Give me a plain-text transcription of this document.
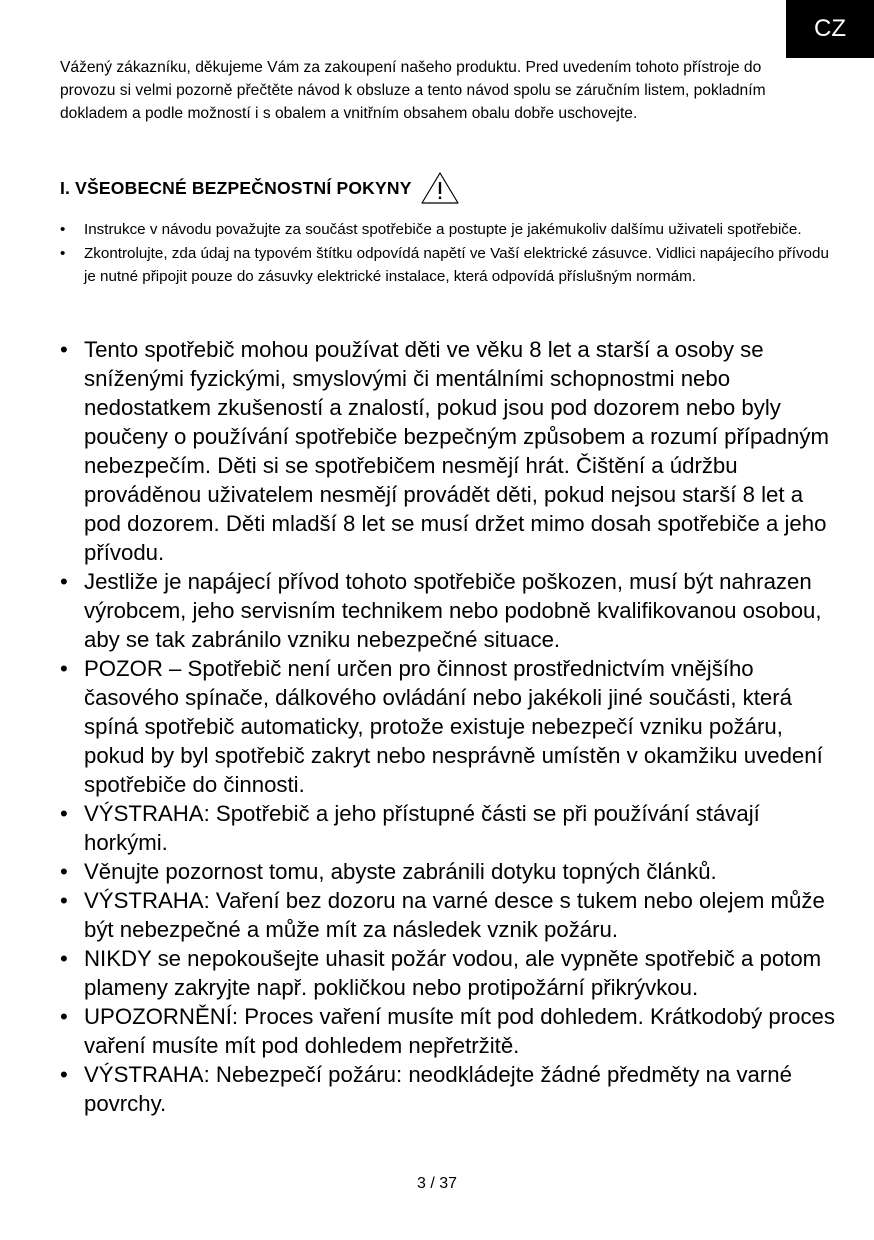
CZ

Vážený zákazníku, děkujeme Vám za zakoupení našeho produktu. Pred uvedením tohoto přístroje do provozu si velmi pozorně přečtěte návod k obsluze a tento návod spolu se záručním listem, pokladním dokladem a podle možností i s obalem a vnitřním obsahem obalu dobře uschovejte.

I. VŠEOBECNÉ BEZPEČNOSTNÍ POKYNY
• Instrukce v návodu považujte za součást spotřebiče a postupte je jakémukoliv dalšímu uživateli spotřebiče.
• Zkontrolujte, zda údaj na typovém štítku odpovídá napětí ve Vaší elektrické zásuvce. Vidlici napájecího přívodu je nutné připojit pouze do zásuvky elektrické instalace, která odpovídá příslušným normám.
• Tento spotřebič mohou používat děti ve věku 8 let a starší a osoby se sníženými fyzickými, smyslovými či mentálními schopnostmi nebo nedostatkem zkušeností a znalostí, pokud jsou pod dozorem nebo byly poučeny o používání spotřebiče bezpečným způsobem a rozumí případným nebezpečím. Děti si se spotřebičem nesmějí hrát. Čištění a údržbu prováděnou uživatelem nesmějí provádět děti, pokud nejsou starší 8 let a pod dozorem. Děti mladší 8 let se musí držet mimo dosah spotřebiče a jeho přívodu.
• Jestliže je napájecí přívod tohoto spotřebiče poškozen, musí být nahrazen výrobcem, jeho servisním technikem nebo podobně kvalifikovanou osobou, aby se tak zabránilo vzniku nebezpečné situace.
• POZOR – Spotřebič není určen pro činnost prostřednictvím vnějšího časového spínače, dálkového ovládání nebo jakékoli jiné součásti, která spíná spotřebič automaticky, protože existuje nebezpečí vzniku požáru, pokud by byl spotřebič zakryt nebo nesprávně umístěn v okamžiku uvedení spotřebiče do činnosti.
• VÝSTRAHA: Spotřebič a jeho přístupné části se při používání stávají horkými.
• Věnujte pozornost tomu, abyste zabránili dotyku topných článků.
• VÝSTRAHA: Vaření bez dozoru na varné desce s tukem nebo olejem může být nebezpečné a může mít za následek vznik požáru.
• NIKDY se nepokoušejte uhasit požár vodou, ale vypněte spotřebič a potom plameny zakryjte např. pokličkou nebo protipožární přikrývkou.
• UPOZORNĚNÍ: Proces vaření musíte mít pod dohledem. Krátkodobý proces vaření musíte mít pod dohledem nepřetržitě.
• VÝSTRAHA: Nebezpečí požáru: neodkládejte žádné předměty na varné povrchy.
3 / 37
